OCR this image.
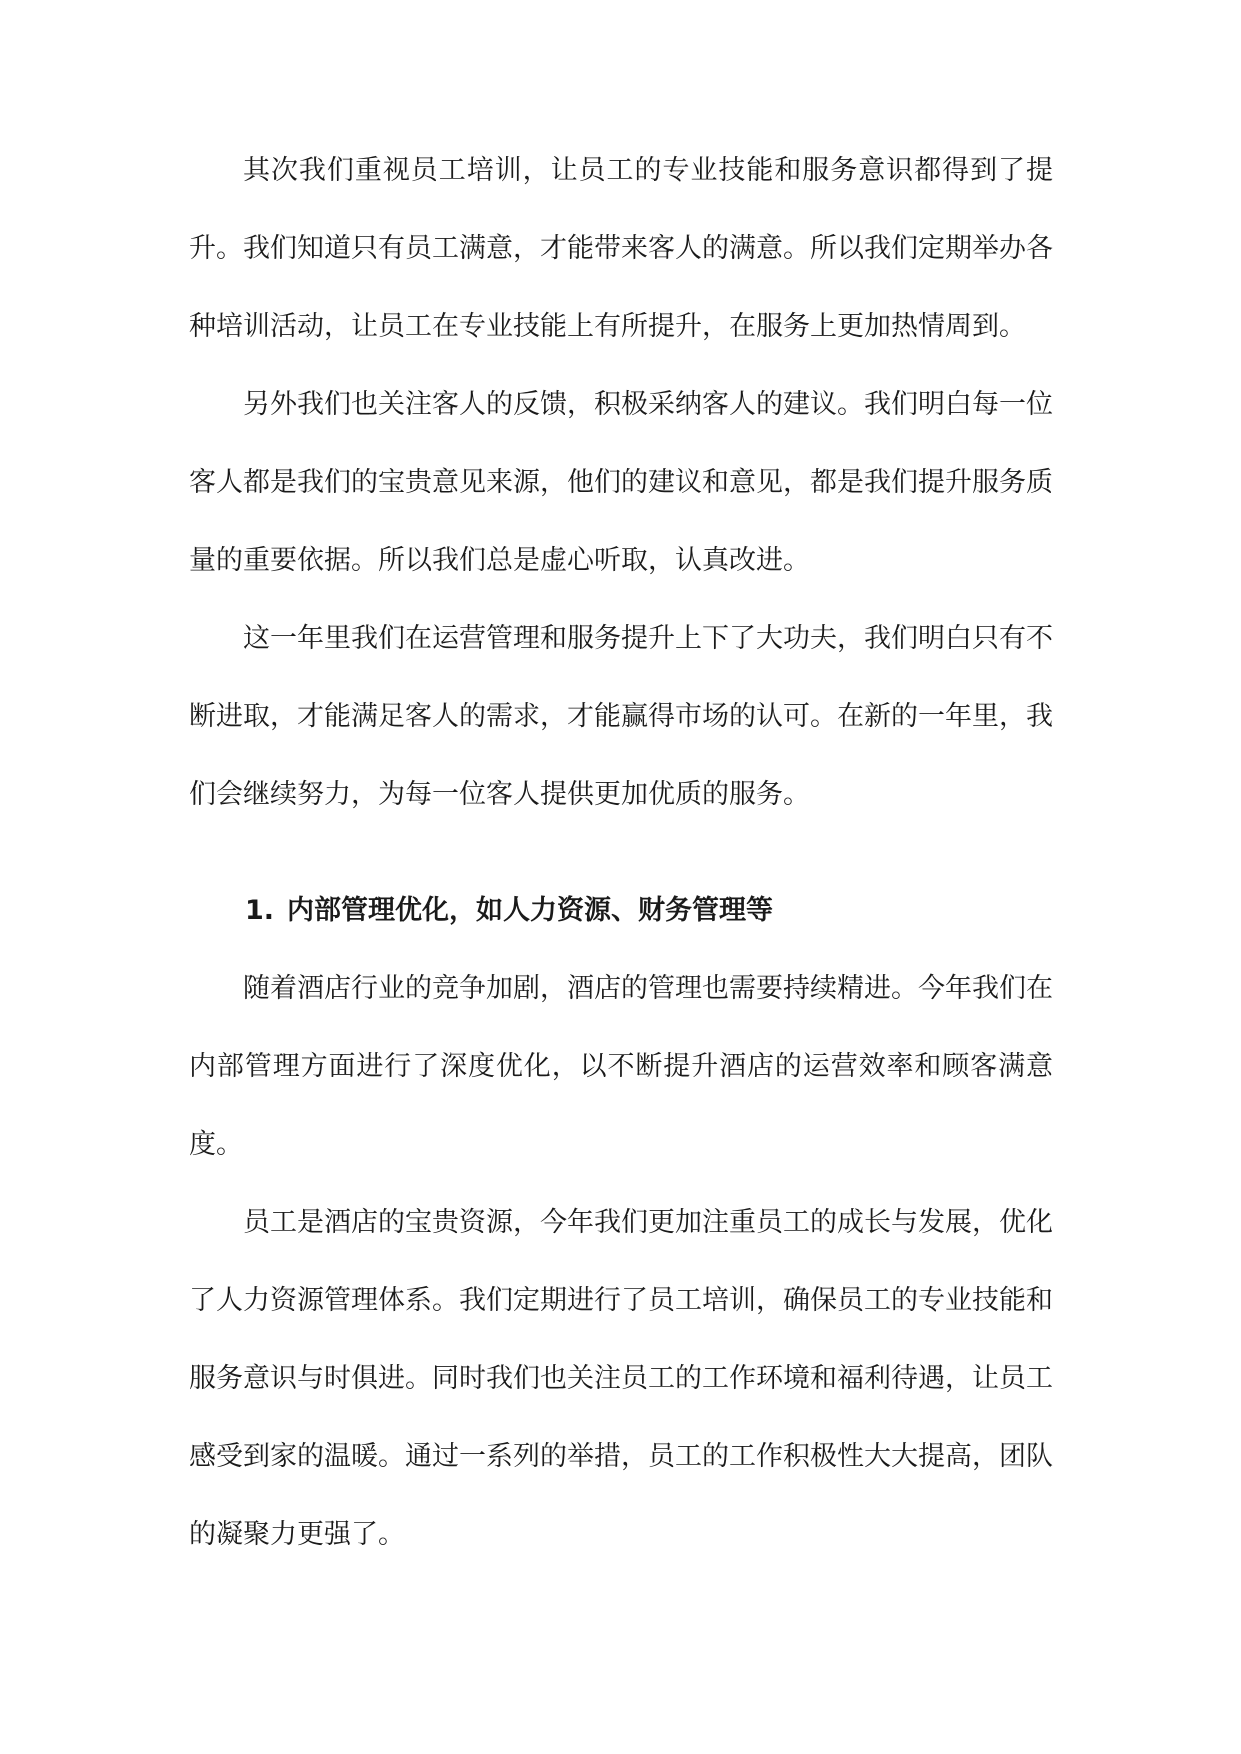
其次我们重视员工培训，让员工的专业技能和服务意识都得到了提升。我们知道只有员工满意，才能带来客人的满意。所以我们定期举办各种培训活动，让员工在专业技能上有所提升，在服务上更加热情周到。

另外我们也关注客人的反馈，积极采纳客人的建议。我们明白每一位客人都是我们的宝贵意见来源，他们的建议和意见，都是我们提升服务质量的重要依据。所以我们总是虚心听取，认真改进。

这一年里我们在运营管理和服务提升上下了大功夫，我们明白只有不断进取，才能满足客人的需求，才能赢得市场的认可。在新的一年里，我们会继续努力，为每一位客人提供更加优质的服务。

1. 内部管理优化，如人力资源、财务管理等

随着酒店行业的竞争加剧，酒店的管理也需要持续精进。今年我们在内部管理方面进行了深度优化，以不断提升酒店的运营效率和顾客满意度。

员工是酒店的宝贵资源，今年我们更加注重员工的成长与发展，优化了人力资源管理体系。我们定期进行了员工培训，确保员工的专业技能和服务意识与时俱进。同时我们也关注员工的工作环境和福利待遇，让员工感受到家的温暖。通过一系列的举措，员工的工作积极性大大提高，团队的凝聚力更强了。
